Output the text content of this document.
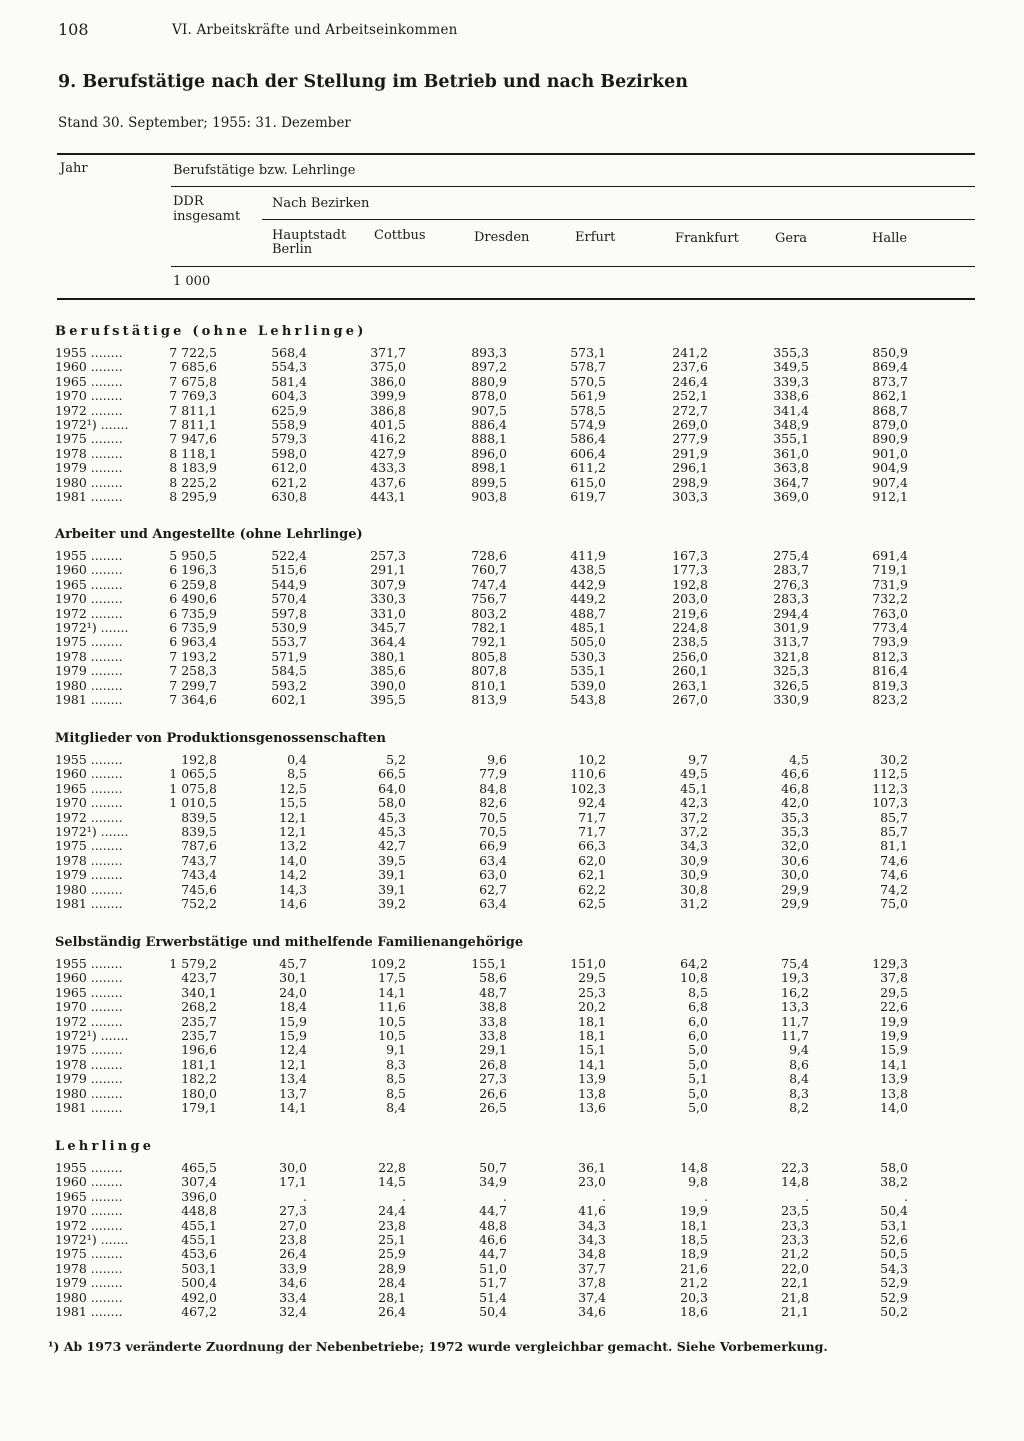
108	VI. Arbeitskräfte und Arbeitseinkommen
9. Berufstätige nach der Stellung im Betrieb und nach Bezirken
Stand 30. September; 1955: 31. Dezember
Jahr	Berufstätige bzw. Lehrlinge
DDR
insgesamt
Nach Bezirken
Hauptstadt
Berlin
Cottbus	Dresden	Erfurt	Frankfurt	Gera	Halle
1 000
Berufstätige (ohne Lehrlinge)
1955 ........	7 722,5	568,4	371,7	893,3	573,1	241,2	355,3	850,9
1960 ........	7 685,6	554,3	375,0	897,2	578,7	237,6	349,5	869,4
1965 ........	7 675,8	581,4	386,0	880,9	570,5	246,4	339,3	873,7
1970 ........	7 769,3	604,3	399,9	878,0	561,9	252,1	338,6	862,1
1972 ........	7 811,1	625,9	386,8	907,5	578,5	272,7	341,4	868,7
1972¹) .......	7 811,1	558,9	401,5	886,4	574,9	269,0	348,9	879,0
1975 ........	7 947,6	579,3	416,2	888,1	586,4	277,9	355,1	890,9
1978 ........	8 118,1	598,0	427,9	896,0	606,4	291,9	361,0	901,0
1979 ........	8 183,9	612,0	433,3	898,1	611,2	296,1	363,8	904,9
1980 ........	8 225,2	621,2	437,6	899,5	615,0	298,9	364,7	907,4
1981 ........	8 295,9	630,8	443,1	903,8	619,7	303,3	369,0	912,1
Arbeiter und Angestellte (ohne Lehrlinge)
1955 ........	5 950,5	522,4	257,3	728,6	411,9	167,3	275,4	691,4
1960 ........	6 196,3	515,6	291,1	760,7	438,5	177,3	283,7	719,1
1965 ........	6 259,8	544,9	307,9	747,4	442,9	192,8	276,3	731,9
1970 ........	6 490,6	570,4	330,3	756,7	449,2	203,0	283,3	732,2
1972 ........	6 735,9	597,8	331,0	803,2	488,7	219,6	294,4	763,0
1972¹) .......	6 735,9	530,9	345,7	782,1	485,1	224,8	301,9	773,4
1975 ........	6 963,4	553,7	364,4	792,1	505,0	238,5	313,7	793,9
1978 ........	7 193,2	571,9	380,1	805,8	530,3	256,0	321,8	812,3
1979 ........	7 258,3	584,5	385,6	807,8	535,1	260,1	325,3	816,4
1980 ........	7 299,7	593,2	390,0	810,1	539,0	263,1	326,5	819,3
1981 ........	7 364,6	602,1	395,5	813,9	543,8	267,0	330,9	823,2
Mitglieder von Produktionsgenossenschaften
1955 ........	192,8	0,4	5,2	9,6	10,2	9,7	4,5	30,2
1960 ........	1 065,5	8,5	66,5	77,9	110,6	49,5	46,6	112,5
1965 ........	1 075,8	12,5	64,0	84,8	102,3	45,1	46,8	112,3
1970 ........	1 010,5	15,5	58,0	82,6	92,4	42,3	42,0	107,3
1972 ........	839,5	12,1	45,3	70,5	71,7	37,2	35,3	85,7
1972¹) .......	839,5	12,1	45,3	70,5	71,7	37,2	35,3	85,7
1975 ........	787,6	13,2	42,7	66,9	66,3	34,3	32,0	81,1
1978 ........	743,7	14,0	39,5	63,4	62,0	30,9	30,6	74,6
1979 ........	743,4	14,2	39,1	63,0	62,1	30,9	30,0	74,6
1980 ........	745,6	14,3	39,1	62,7	62,2	30,8	29,9	74,2
1981 ........	752,2	14,6	39,2	63,4	62,5	31,2	29,9	75,0
Selbständig Erwerbstätige und mithelfende Familienangehörige
1955 ........	1 579,2	45,7	109,2	155,1	151,0	64,2	75,4	129,3
1960 ........	423,7	30,1	17,5	58,6	29,5	10,8	19,3	37,8
1965 ........	340,1	24,0	14,1	48,7	25,3	8,5	16,2	29,5
1970 ........	268,2	18,4	11,6	38,8	20,2	6,8	13,3	22,6
1972 ........	235,7	15,9	10,5	33,8	18,1	6,0	11,7	19,9
1972¹) .......	235,7	15,9	10,5	33,8	18,1	6,0	11,7	19,9
1975 ........	196,6	12,4	9,1	29,1	15,1	5,0	9,4	15,9
1978 ........	181,1	12,1	8,3	26,8	14,1	5,0	8,6	14,1
1979 ........	182,2	13,4	8,5	27,3	13,9	5,1	8,4	13,9
1980 ........	180,0	13,7	8,5	26,6	13,8	5,0	8,3	13,8
1981 ........	179,1	14,1	8,4	26,5	13,6	5,0	8,2	14,0
Lehrlinge
1955 ........	465,5	30,0	22,8	50,7	36,1	14,8	22,3	58,0
1960 ........	307,4	17,1	14,5	34,9	23,0	9,8	14,8	38,2
1965 ........	396,0	.	.	.	.	.	.	.
1970 ........	448,8	27,3	24,4	44,7	41,6	19,9	23,5	50,4
1972 ........	455,1	27,0	23,8	48,8	34,3	18,1	23,3	53,1
1972¹) .......	455,1	23,8	25,1	46,6	34,3	18,5	23,3	52,6
1975 ........	453,6	26,4	25,9	44,7	34,8	18,9	21,2	50,5
1978 ........	503,1	33,9	28,9	51,0	37,7	21,6	22,0	54,3
1979 ........	500,4	34,6	28,4	51,7	37,8	21,2	22,1	52,9
1980 ........	492,0	33,4	28,1	51,4	37,4	20,3	21,8	52,9
1981 ........	467,2	32,4	26,4	50,4	34,6	18,6	21,1	50,2
¹) Ab 1973 veränderte Zuordnung der Nebenbetriebe; 1972 wurde vergleichbar gemacht. Siehe Vorbemerkung.
